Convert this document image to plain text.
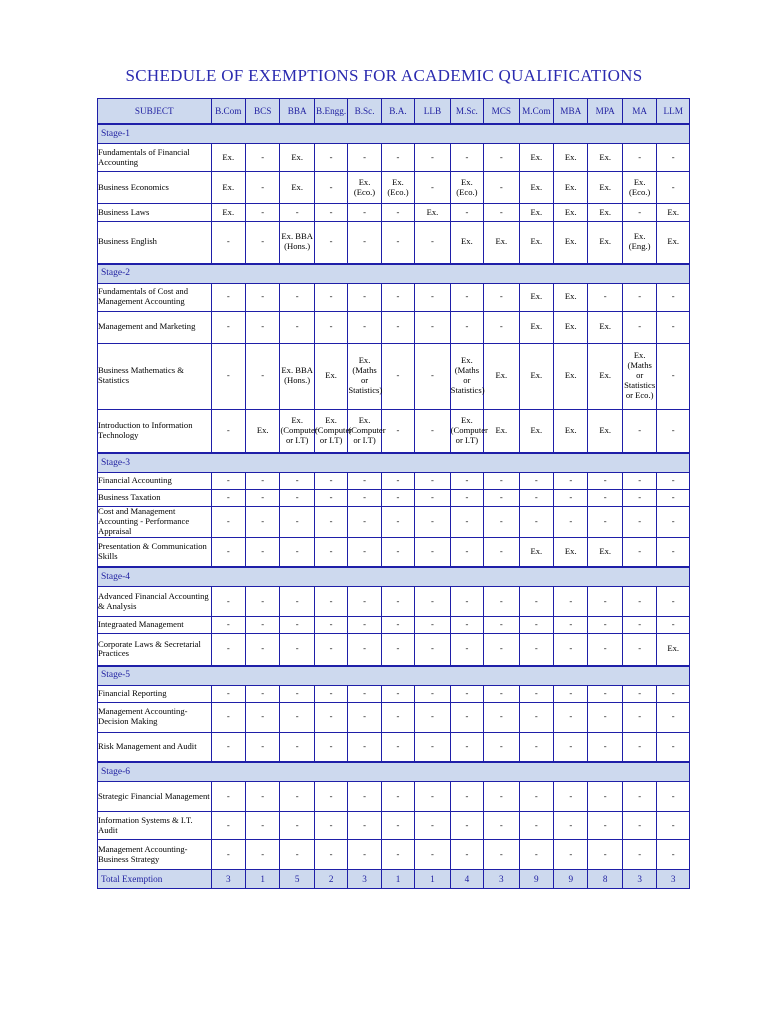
SCHEDULE OF EXEMPTIONS FOR ACADEMIC QUALIFICATIONS
SUBJECT	B.Com	BCS	BBA	B.Engg.	B.Sc.	B.A.	LLB	M.Sc.	MCS	M.Com	MBA	MPA	MA	LLM
Stage-1														
Fundamentals of Financial Accounting	Ex.	-	Ex.	-	-	-	-	-	-	Ex.	Ex.	Ex.	-	-
Business Economics	Ex.	-	Ex.	-	Ex. (Eco.)	Ex. (Eco.)	-	Ex. (Eco.)	-	Ex.	Ex.	Ex.	Ex. (Eco.)	-
Business Laws	Ex.	-	-	-	-	-	Ex.	-	-	Ex.	Ex.	Ex.	-	Ex.
Business English	-	-	Ex. BBA (Hons.)	-	-	-	-	Ex.	Ex.	Ex.	Ex.	Ex.	Ex. (Eng.)	Ex.
Stage-2														
Fundamentals of Cost and Management Accounting	-	-	-	-	-	-	-	-	-	Ex.	Ex.	-	-	-
Management and Marketing	-	-	-	-	-	-	-	-	-	Ex.	Ex.	Ex.	-	-
Business Mathematics & Statistics	-	-	Ex. BBA (Hons.)	Ex.	Ex. (Maths or Statistics)	-	-	Ex. (Maths or Statistics)	Ex.	Ex.	Ex.	Ex.	Ex. (Maths or Statistics or Eco.)	-
Introduction to Information Technology	-	Ex.	Ex. (Computer or I.T)	Ex. (Computer or I.T)	Ex. (Computer or I.T)	-	-	Ex. (Computer or I.T)	Ex.	Ex.	Ex.	Ex.	-	-
Stage-3														
Financial Accounting	-	-	-	-	-	-	-	-	-	-	-	-	-	-
Business Taxation	-	-	-	-	-	-	-	-	-	-	-	-	-	-
Cost and Management Accounting - Performance Appraisal	-	-	-	-	-	-	-	-	-	-	-	-	-	-
Presentation & Communication Skills	-	-	-	-	-	-	-	-	-	Ex.	Ex.	Ex.	-	-
Stage-4														
Advanced Financial Accounting & Analysis	-	-	-	-	-	-	-	-	-	-	-	-	-	-
Integraated Management	-	-	-	-	-	-	-	-	-	-	-	-	-	-
Corporate Laws & Secretarial Practices	-	-	-	-	-	-	-	-	-	-	-	-	-	Ex.
Stage-5														
Financial Reporting	-	-	-	-	-	-	-	-	-	-	-	-	-	-
Management Accounting-Decision Making	-	-	-	-	-	-	-	-	-	-	-	-	-	-
Risk Management and Audit	-	-	-	-	-	-	-	-	-	-	-	-	-	-
Stage-6														
Strategic Financial Management	-	-	-	-	-	-	-	-	-	-	-	-	-	-
Information Systems & I.T. Audit	-	-	-	-	-	-	-	-	-	-	-	-	-	-
Management Accounting-Business Strategy	-	-	-	-	-	-	-	-	-	-	-	-	-	-
Total Exemption	3	1	5	2	3	1	1	4	3	9	9	8	3	3
